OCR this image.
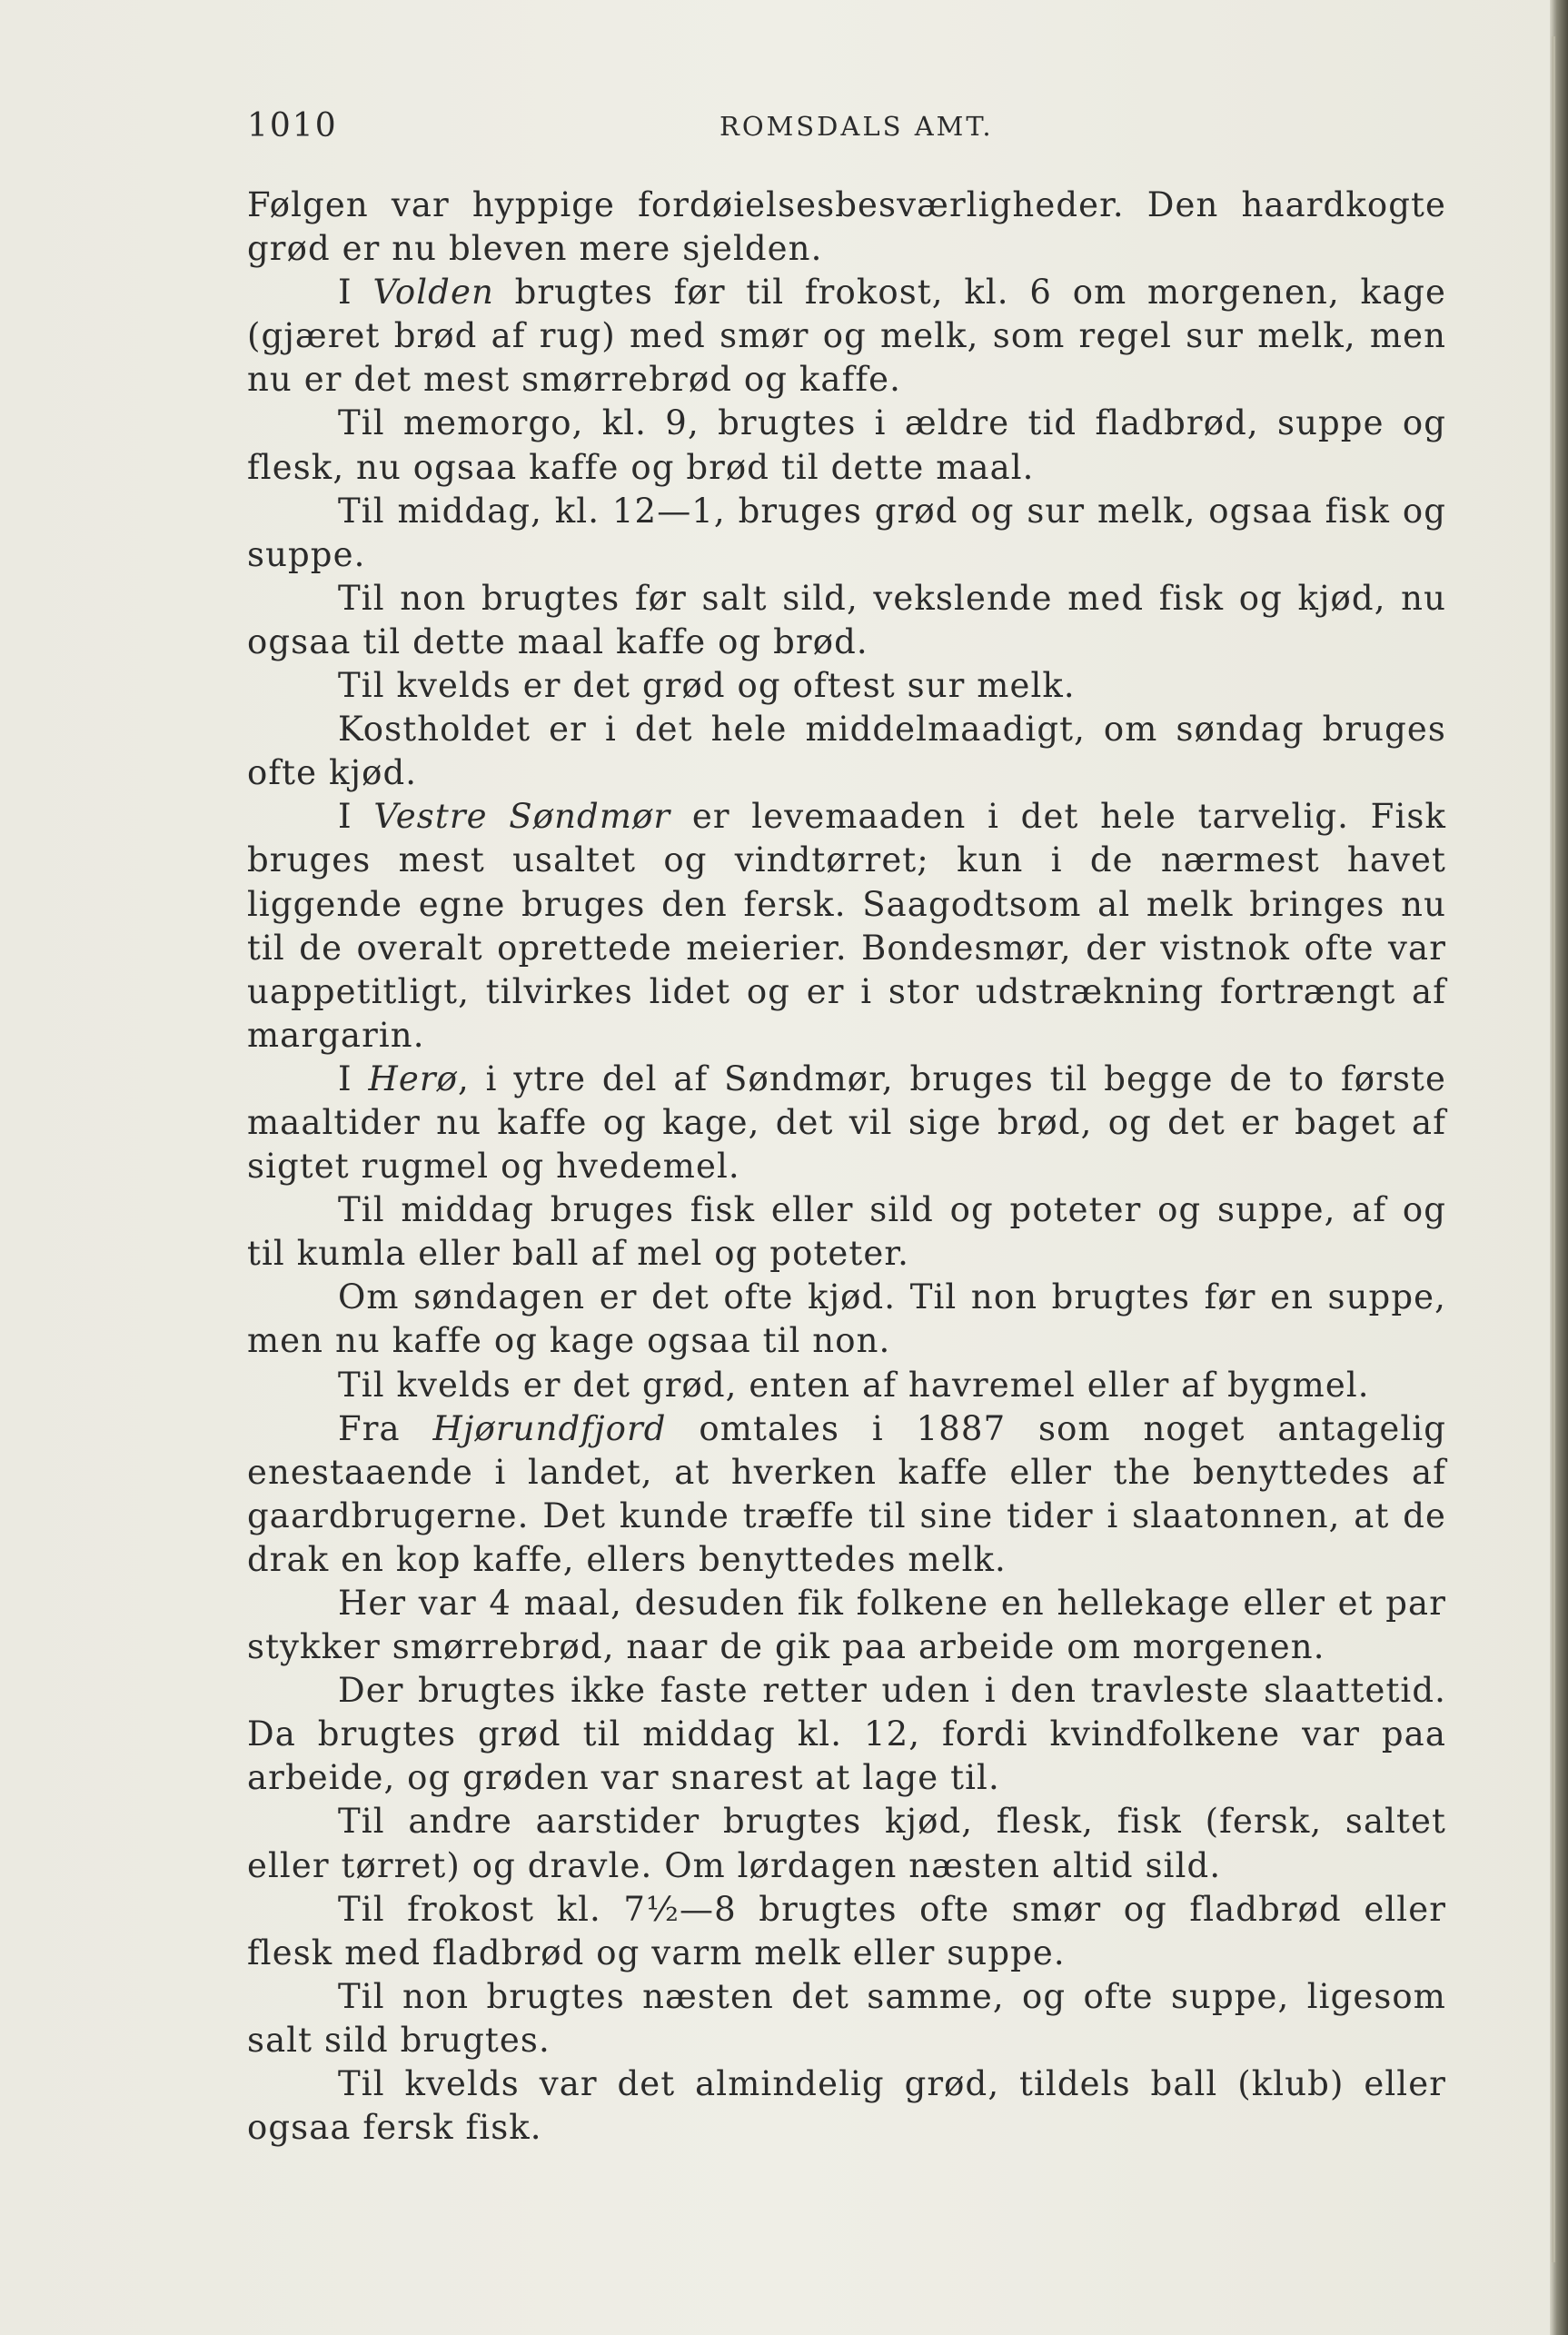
1010	ROMSDALS AMT.

Følgen var hyppige fordøielsesbesværligheder. Den haardkogte grød er nu bleven mere sjelden.

I Volden brugtes før til frokost, kl. 6 om morgenen, kage (gjæret brød af rug) med smør og melk, som regel sur melk, men nu er det mest smørrebrød og kaffe.

Til memorgo, kl. 9, brugtes i ældre tid fladbrød, suppe og flesk, nu ogsaa kaffe og brød til dette maal.

Til middag, kl. 12—1, bruges grød og sur melk, ogsaa fisk og suppe.

Til non brugtes før salt sild, vekslende med fisk og kjød, nu ogsaa til dette maal kaffe og brød.

Til kvelds er det grød og oftest sur melk.

Kostholdet er i det hele middelmaadigt, om søndag bruges ofte kjød.

I Vestre Søndmør er levemaaden i det hele tarvelig. Fisk bruges mest usaltet og vindtørret; kun i de nærmest havet liggende egne bruges den fersk. Saagodtsom al melk bringes nu til de overalt oprettede meierier. Bondesmør, der vistnok ofte var uappetitligt, tilvirkes lidet og er i stor udstrækning fortrængt af margarin.

I Herø, i ytre del af Søndmør, bruges til begge de to første maaltider nu kaffe og kage, det vil sige brød, og det er baget af sigtet rugmel og hvedemel.

Til middag bruges fisk eller sild og poteter og suppe, af og til kumla eller ball af mel og poteter.

Om søndagen er det ofte kjød. Til non brugtes før en suppe, men nu kaffe og kage ogsaa til non.

Til kvelds er det grød, enten af havremel eller af bygmel.

Fra Hjørundfjord omtales i 1887 som noget antagelig enestaaende i landet, at hverken kaffe eller the benyttedes af gaardbrugerne. Det kunde træffe til sine tider i slaatonnen, at de drak en kop kaffe, ellers benyttedes melk.

Her var 4 maal, desuden fik folkene en hellekage eller et par stykker smørrebrød, naar de gik paa arbeide om morgenen.

Der brugtes ikke faste retter uden i den travleste slaattetid. Da brugtes grød til middag kl. 12, fordi kvindfolkene var paa arbeide, og grøden var snarest at lage til.

Til andre aarstider brugtes kjød, flesk, fisk (fersk, saltet eller tørret) og dravle. Om lørdagen næsten altid sild.

Til frokost kl. 7½—8 brugtes ofte smør og fladbrød eller flesk med fladbrød og varm melk eller suppe.

Til non brugtes næsten det samme, og ofte suppe, ligesom salt sild brugtes.

Til kvelds var det almindelig grød, tildels ball (klub) eller ogsaa fersk fisk.
